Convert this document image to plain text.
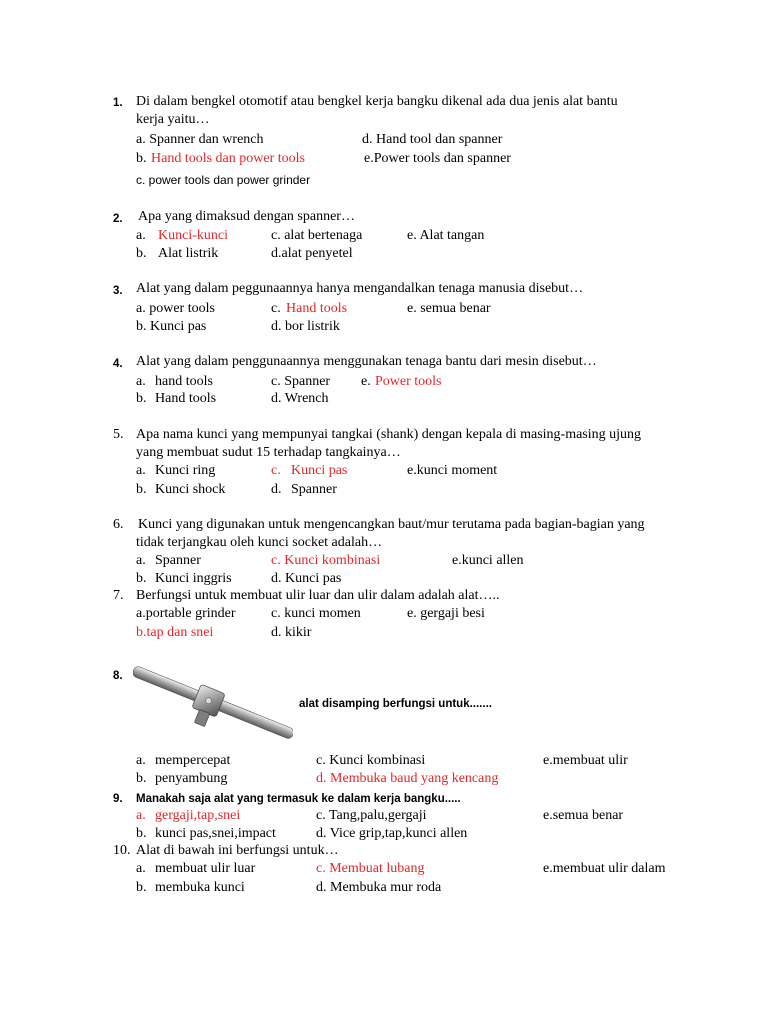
1. Di dalam bengkel otomotif atau bengkel kerja bangku dikenal ada dua jenis alat bantu
kerja yaitu…
a. Spanner dan wrench
b. Hand tools dan power tools
c. power tools dan power grinder
d. Hand tool dan spanner
e.Power tools dan spanner
2. Apa yang dimaksud dengan spanner…
a. Kunci-kunci
b. Alat listrik
c. alat bertenaga
d.alat penyetel
e. Alat tangan
3. Alat yang dalam peggunaannya hanya mengandalkan tenaga manusia disebut…
a. power tools
b. Kunci pas
c. Hand tools
d. bor listrik
e. semua benar
4. Alat yang dalam penggunaannya menggunakan tenaga bantu dari mesin disebut…
a. hand tools
b. Hand tools
c. Spanner
d. Wrench
e. Power tools
5. Apa nama kunci yang mempunyai tangkai (shank) dengan kepala di masing-masing ujung
yang membuat sudut 15 terhadap tangkainya…
a. Kunci ring
b. Kunci shock
c. Kunci pas
d. Spanner
e.kunci moment
6. Kunci yang digunakan untuk mengencangkan baut/mur terutama pada bagian-bagian yang
tidak terjangkau oleh kunci socket adalah…
a. Spanner
b. Kunci inggris
c. Kunci kombinasi
d. Kunci pas
e.kunci allen
7. Berfungsi untuk membuat ulir luar dan ulir dalam adalah alat…..
a.portable grinder
b.tap dan snei
c. kunci momen
d. kikir
e. gergaji besi
8.
alat disamping berfungsi untuk.......
a. mempercepat
b. penyambung
c. Kunci kombinasi
d. Membuka baud yang kencang
e.membuat ulir
9. Manakah saja alat yang termasuk ke dalam kerja bangku.....
a. gergaji,tap,snei
b. kunci pas,snei,impact
c. Tang,palu,gergaji
d. Vice grip,tap,kunci allen
e.semua benar
10. Alat di bawah ini berfungsi untuk…
a. membuat ulir luar
b. membuka kunci
c. Membuat lubang
d. Membuka mur roda
e.membuat ulir dalam
